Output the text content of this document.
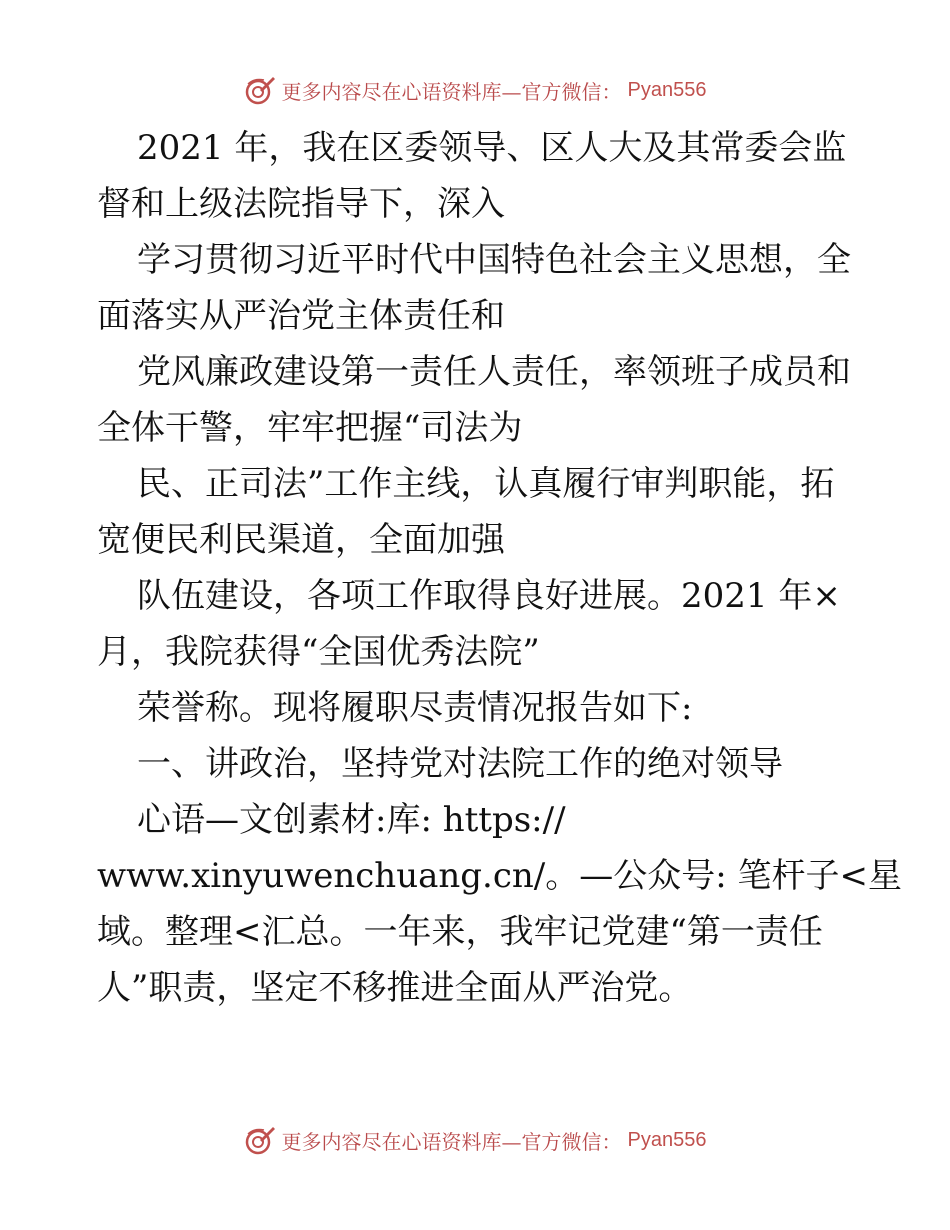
更多内容尽在心语资料库—官方微信： Pyan556
2021 年，我在区委领导、区人大及其常委会监
督和上级法院指导下，深入
学习贯彻习近平时代中国特色社会主义思想，全
面落实从严治党主体责任和
党风廉政建设第一责任人责任，率领班子成员和
全体干警，牢牢把握“司法为
民、正司法”工作主线，认真履行审判职能，拓
宽便民利民渠道，全面加强
队伍建设，各项工作取得良好进展。2021 年×
月，我院获得“全国优秀法院”
荣誉称。现将履职尽责情况报告如下:
一、讲政治，坚持党对法院工作的绝对领导
心语—文创素材:库: https://
www.xinyuwenchuang.cn/。—公众号: 笔杆子<星
域。整理<汇总。一年来，我牢记党建“第一责任
人”职责，坚定不移推进全面从严治党。
更多内容尽在心语资料库—官方微信： Pyan556
